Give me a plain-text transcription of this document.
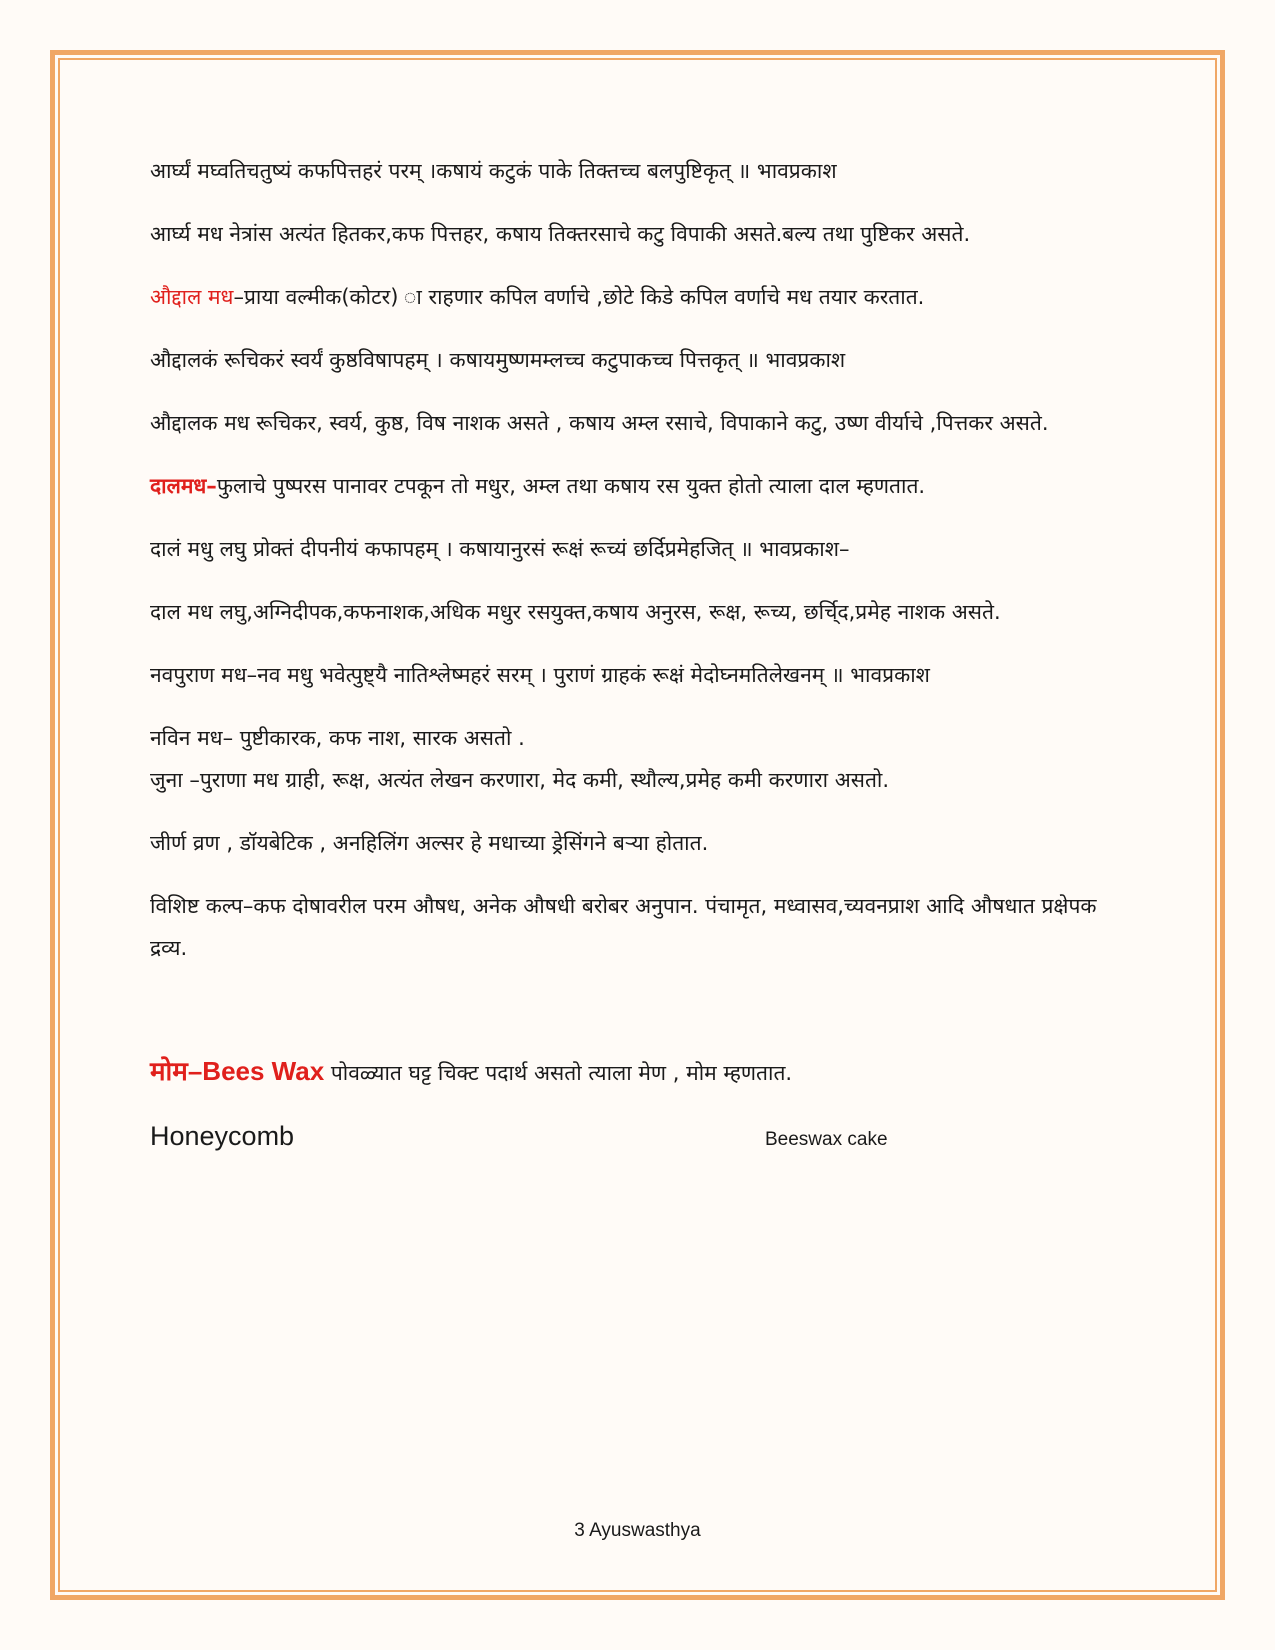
आर्घ्यं मघ्वतिचतुष्यं कफपित्तहरं परम् ।कषायं कटुकं पाके तिक्तच्च बलपुष्टिकृत् ॥ भावप्रकाश

आर्घ्य मध नेत्रांस अत्यंत हितकर,कफ पित्तहर, कषाय तिक्तरसाचे कटु विपाकी असते.बल्य तथा पुष्टिकर असते.

औद्दाल मध–प्राया वल्मीक(कोटर) ा राहणार कपिल वर्णाचे ,छोटे किडे कपिल वर्णाचे मध तयार करतात.

औद्दालकं रूचिकरं स्वर्यं कुष्ठविषापहम् । कषायमुष्णमम्लच्च कटुपाकच्च पित्तकृत् ॥ भावप्रकाश

औद्दालक मध रूचिकर, स्वर्य, कुष्ठ, विष नाशक असते , कषाय अम्ल रसाचे, विपाकाने कटु, उष्ण वीर्याचे ,पित्तकर असते.

दालमध–फुलाचे पुष्परस पानावर टपकून तो मधुर, अम्ल तथा कषाय रस युक्त होतो त्याला दाल म्हणतात.

दालं मधु लघु प्रोक्तं दीपनीयं कफापहम् । कषायानुरसं रूक्षं रूच्यं छर्दिप्रमेहजित् ॥ भावप्रकाश–

दाल मध लघु,अग्निदीपक,कफनाशक,अधिक मधुर रसयुक्त,कषाय अनुरस, रूक्ष, रूच्य, छर्चि्द,प्रमेह नाशक असते.

नवपुराण मध–नव मधु भवेत्पुष्ट्यै नातिश्लेष्महरं सरम् । पुराणं ग्राहकं रूक्षं मेदोघ्नमतिलेखनम् ॥ भावप्रकाश

नविन मध– पुष्टीकारक, कफ नाश, सारक असतो .

जुना –पुराणा मध ग्राही, रूक्ष, अत्यंत लेखन करणारा, मेद कमी, स्थौल्य,प्रमेह कमी करणारा असतो.

जीर्ण व्रण , डॉयबेटिक , अनहिलिंग अल्सर हे मधाच्या ड्रेसिंगने बऱ्या होतात.

विशिष्ट कल्प–कफ दोषावरील परम औषध, अनेक औषधी बरोबर अनुपान. पंचामृत, मध्वासव,च्यवनप्राश आदि औषधात प्रक्षेपक द्रव्य.

मोम–Bees Wax पोवळ्यात घट्ट चिक्ट पदार्थ असतो त्याला मेण , मोम म्हणतात.

Honeycomb	Beeswax cake
3 Ayuswasthya
